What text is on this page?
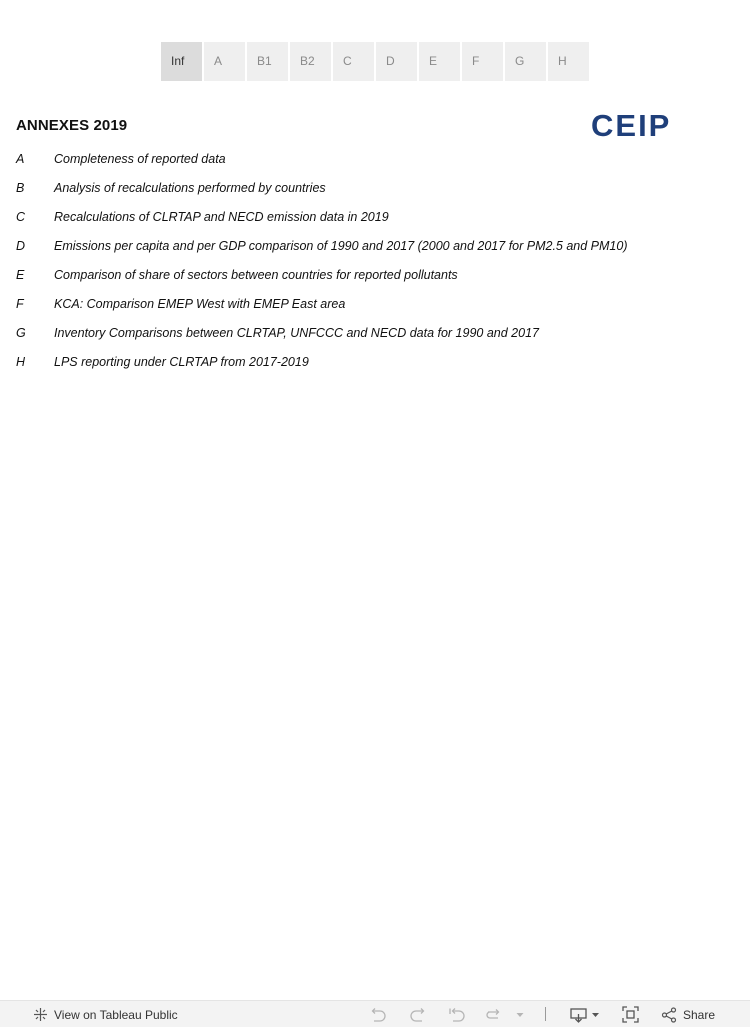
Inf	A	B1	B2	C	D	E	F	G	H
ANNEXES 2019	CEIP
A	Completeness of reported data
B	Analysis of recalculations performed by countries
C	Recalculations of CLRTAP and NECD emission data in 2019
D	Emissions per capita and per GDP comparison of 1990 and 2017 (2000 and 2017 for PM2.5 and PM10)
E	Comparison of share of sectors between countries for reported pollutants
F	KCA: Comparison EMEP West with EMEP East area
G	Inventory Comparisons between CLRTAP, UNFCCC and NECD data for 1990 and 2017
H	LPS reporting under CLRTAP from 2017-2019
View on Tableau Public	Share
